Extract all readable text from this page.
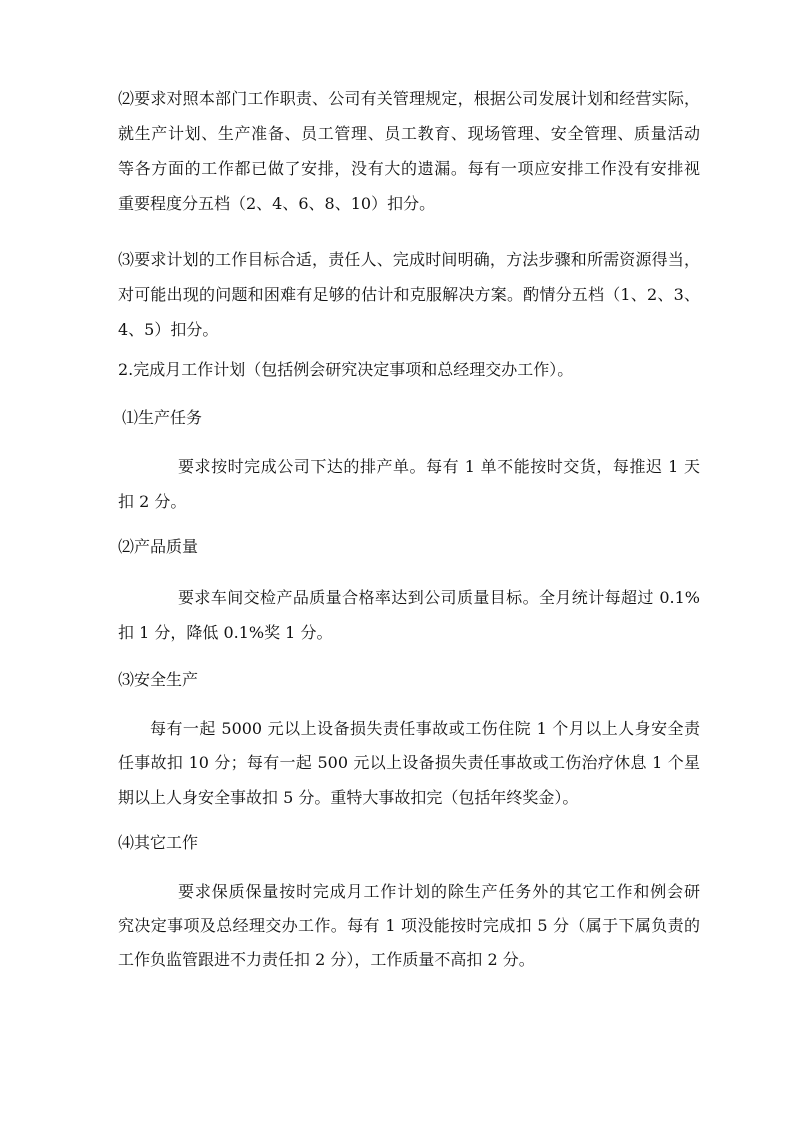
⑵要求对照本部门工作职责、公司有关管理规定，根据公司发展计划和经营实际，
就生产计划、生产准备、员工管理、员工教育、现场管理、安全管理、质量活动
等各方面的工作都已做了安排，没有大的遗漏。每有一项应安排工作没有安排视
重要程度分五档（2、4、6、8、10）扣分。
⑶要求计划的工作目标合适，责任人、完成时间明确，方法步骤和所需资源得当，
对可能出现的问题和困难有足够的估计和克服解决方案。酌情分五档（1、2、3、
4、5）扣分。
2.完成月工作计划（包括例会研究决定事项和总经理交办工作）。
⑴生产任务
要求按时完成公司下达的排产单。每有 1 单不能按时交货，每推迟 1 天
扣 2 分。
⑵产品质量
要求车间交检产品质量合格率达到公司质量目标。全月统计每超过 0.1%
扣 1 分，降低 0.1%奖 1 分。
⑶安全生产
每有一起 5000 元以上设备损失责任事故或工伤住院 1 个月以上人身安全责
任事故扣 10 分；每有一起 500 元以上设备损失责任事故或工伤治疗休息 1 个星
期以上人身安全事故扣 5 分。重特大事故扣完（包括年终奖金）。
⑷其它工作
要求保质保量按时完成月工作计划的除生产任务外的其它工作和例会研
究决定事项及总经理交办工作。每有 1 项没能按时完成扣 5 分（属于下属负责的
工作负监管跟进不力责任扣 2 分），工作质量不高扣 2 分。
